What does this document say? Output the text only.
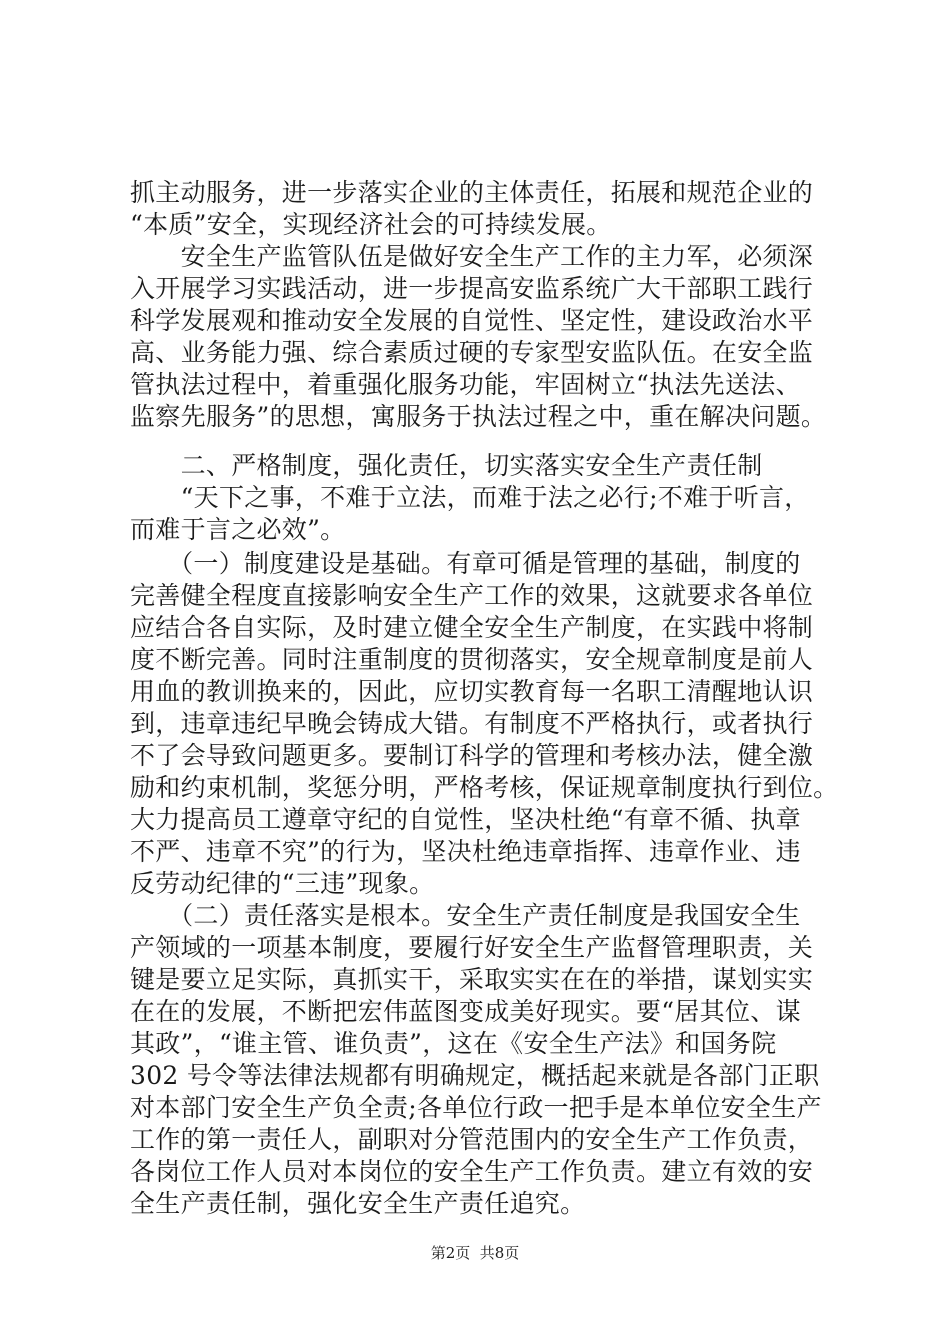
抓主动服务，进一步落实企业的主体责任，拓展和规范企业的
“本质”安全，实现经济社会的可持续发展。
　　安全生产监管队伍是做好安全生产工作的主力军，必须深
入开展学习实践活动，进一步提高安监系统广大干部职工践行
科学发展观和推动安全发展的自觉性、坚定性，建设政治水平
高、业务能力强、综合素质过硬的专家型安监队伍。在安全监
管执法过程中，着重强化服务功能，牢固树立“执法先送法、
监察先服务”的思想，寓服务于执法过程之中，重在解决问题。
　　二、严格制度，强化责任，切实落实安全生产责任制
　　“天下之事，不难于立法，而难于法之必行;不难于听言，
而难于言之必效”。
　　（一）制度建设是基础。有章可循是管理的基础，制度的
完善健全程度直接影响安全生产工作的效果，这就要求各单位
应结合各自实际，及时建立健全安全生产制度，在实践中将制
度不断完善。同时注重制度的贯彻落实，安全规章制度是前人
用血的教训换来的，因此，应切实教育每一名职工清醒地认识
到，违章违纪早晚会铸成大错。有制度不严格执行，或者执行
不了会导致问题更多。要制订科学的管理和考核办法，健全激
励和约束机制，奖惩分明，严格考核，保证规章制度执行到位。
大力提高员工遵章守纪的自觉性，坚决杜绝“有章不循、执章
不严、违章不究”的行为，坚决杜绝违章指挥、违章作业、违
反劳动纪律的“三违”现象。
　　（二）责任落实是根本。安全生产责任制度是我国安全生
产领域的一项基本制度，要履行好安全生产监督管理职责，关
键是要立足实际，真抓实干，采取实实在在的举措，谋划实实
在在的发展，不断把宏伟蓝图变成美好现实。要“居其位、谋
其政”，“谁主管、谁负责”，这在《安全生产法》和国务院
302 号令等法律法规都有明确规定，概括起来就是各部门正职
对本部门安全生产负全责;各单位行政一把手是本单位安全生产
工作的第一责任人，副职对分管范围内的安全生产工作负责，
各岗位工作人员对本岗位的安全生产工作负责。建立有效的安
全生产责任制，强化安全生产责任追究。
第2页  共8页
